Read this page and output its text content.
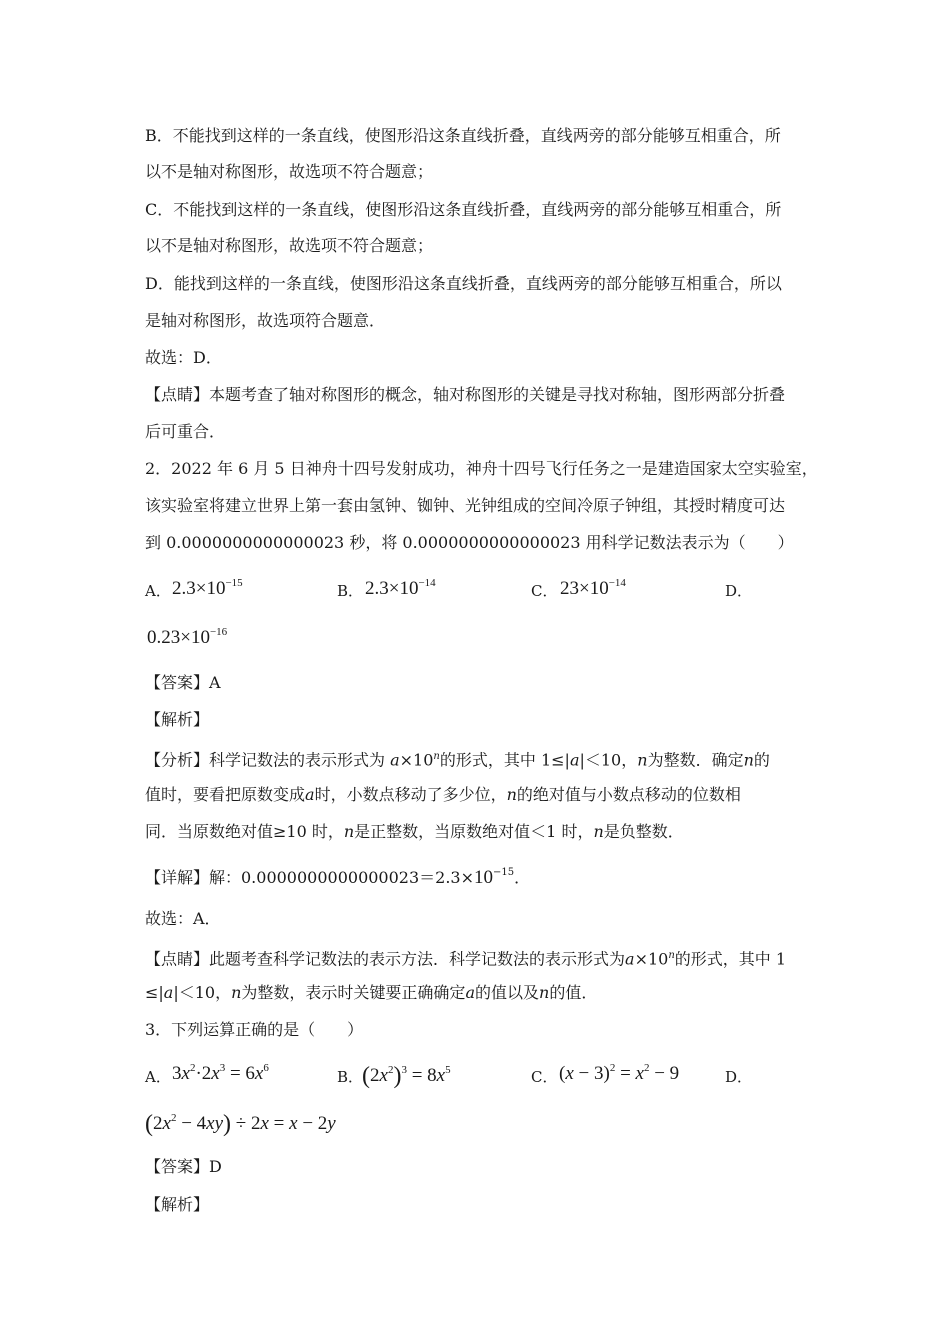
B．不能找到这样的一条直线，使图形沿这条直线折叠，直线两旁的部分能够互相重合，所
以不是轴对称图形，故选项不符合题意；
C．不能找到这样的一条直线，使图形沿这条直线折叠，直线两旁的部分能够互相重合，所
以不是轴对称图形，故选项不符合题意；
D．能找到这样的一条直线，使图形沿这条直线折叠，直线两旁的部分能够互相重合，所以
是轴对称图形，故选项符合题意．
故选：D．
【点睛】本题考查了轴对称图形的概念，轴对称图形的关键是寻找对称轴，图形两部分折叠
后可重合．
2．2022 年 6 月 5 日神舟十四号发射成功，神舟十四号飞行任务之一是建造国家太空实验室，
该实验室将建立世界上第一套由氢钟、铷钟、光钟组成的空间冷原子钟组，其授时精度可达
到 0.0000000000000023 秒，将 0.0000000000000023 用科学记数法表示为（　　）
A． $2.3\times 10^{-15}$	B． $2.3\times 10^{-14}$	C． $23\times 10^{-14}$	D．
$0.23\times 10^{-16}$
【答案】A
【解析】
【分析】科学记数法的表示形式为 $a\times 10^n$的形式，其中 1≤|a|＜10，n为整数．确定n的
值时，要看把原数变成a时，小数点移动了多少位，n的绝对值与小数点移动的位数相
同．当原数绝对值≥10 时，n是正整数，当原数绝对值＜1 时，n是负整数．
【详解】解：$0.0000000000000023=2.3\times 10^{-15}$．
故选：A．
【点睛】此题考查科学记数法的表示方法．科学记数法的表示形式为$a\times 10^n$的形式，其中 1
≤|a|＜10，n为整数，表示时关键要正确确定a的值以及n的值．
3．下列运算正确的是（　　）
A． $3x^2\cdot 2x^3 = 6x^6$	B．
$(2x^2)^3 = 8x^5$	C． $(x - 3)^2 = x^2 - 9$	D．
$(2x^2 - 4xy) \div 2x = x - 2y$
【答案】D
【解析】
